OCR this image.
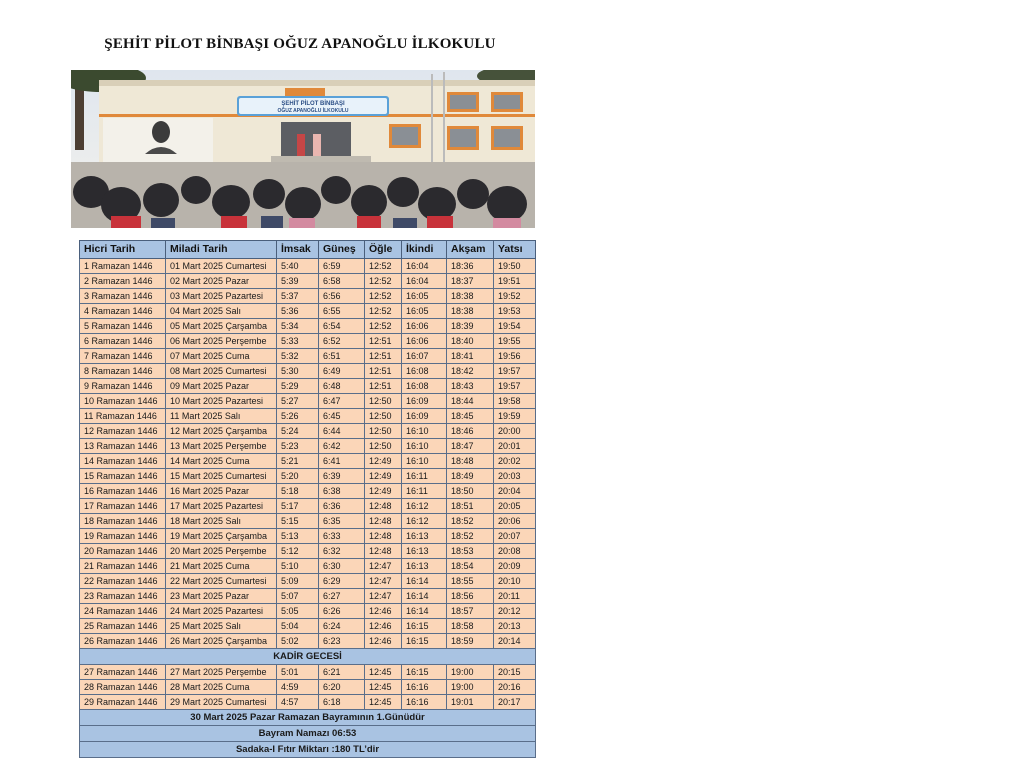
ŞEHİT PİLOT BİNBAŞI OĞUZ APANOĞLU İLKOKULU
ŞEHİT PİLOT BİNBAŞI
OĞUZ APANOĞLU İLKOKULU
Hicri Tarih	Miladi Tarih	İmsak	Güneş	Öğle	İkindi	Akşam	Yatsı
1 Ramazan 1446	01 Mart 2025 Cumartesi	5:40	6:59	12:52	16:04	18:36	19:50
2 Ramazan 1446	02 Mart 2025 Pazar	5:39	6:58	12:52	16:04	18:37	19:51
3 Ramazan 1446	03 Mart 2025 Pazartesi	5:37	6:56	12:52	16:05	18:38	19:52
4 Ramazan 1446	04 Mart 2025 Salı	5:36	6:55	12:52	16:05	18:38	19:53
5 Ramazan 1446	05 Mart 2025 Çarşamba	5:34	6:54	12:52	16:06	18:39	19:54
6 Ramazan 1446	06 Mart 2025 Perşembe	5:33	6:52	12:51	16:06	18:40	19:55
7 Ramazan 1446	07 Mart 2025 Cuma	5:32	6:51	12:51	16:07	18:41	19:56
8 Ramazan 1446	08 Mart 2025 Cumartesi	5:30	6:49	12:51	16:08	18:42	19:57
9 Ramazan 1446	09 Mart 2025 Pazar	5:29	6:48	12:51	16:08	18:43	19:57
10 Ramazan 1446	10 Mart 2025 Pazartesi	5:27	6:47	12:50	16:09	18:44	19:58
11 Ramazan 1446	11 Mart 2025 Salı	5:26	6:45	12:50	16:09	18:45	19:59
12 Ramazan 1446	12 Mart 2025 Çarşamba	5:24	6:44	12:50	16:10	18:46	20:00
13 Ramazan 1446	13 Mart 2025 Perşembe	5:23	6:42	12:50	16:10	18:47	20:01
14 Ramazan 1446	14 Mart 2025 Cuma	5:21	6:41	12:49	16:10	18:48	20:02
15 Ramazan 1446	15 Mart 2025 Cumartesi	5:20	6:39	12:49	16:11	18:49	20:03
16 Ramazan 1446	16 Mart 2025 Pazar	5:18	6:38	12:49	16:11	18:50	20:04
17 Ramazan 1446	17 Mart 2025 Pazartesi	5:17	6:36	12:48	16:12	18:51	20:05
18 Ramazan 1446	18 Mart 2025 Salı	5:15	6:35	12:48	16:12	18:52	20:06
19 Ramazan 1446	19 Mart 2025 Çarşamba	5:13	6:33	12:48	16:13	18:52	20:07
20 Ramazan 1446	20 Mart 2025 Perşembe	5:12	6:32	12:48	16:13	18:53	20:08
21 Ramazan 1446	21 Mart 2025 Cuma	5:10	6:30	12:47	16:13	18:54	20:09
22 Ramazan 1446	22 Mart 2025 Cumartesi	5:09	6:29	12:47	16:14	18:55	20:10
23 Ramazan 1446	23 Mart 2025 Pazar	5:07	6:27	12:47	16:14	18:56	20:11
24 Ramazan 1446	24 Mart 2025 Pazartesi	5:05	6:26	12:46	16:14	18:57	20:12
25 Ramazan 1446	25 Mart 2025 Salı	5:04	6:24	12:46	16:15	18:58	20:13
26 Ramazan 1446	26 Mart 2025 Çarşamba	5:02	6:23	12:46	16:15	18:59	20:14
KADİR GECESİ							
27 Ramazan 1446	27 Mart 2025 Perşembe	5:01	6:21	12:45	16:15	19:00	20:15
28 Ramazan 1446	28 Mart 2025 Cuma	4:59	6:20	12:45	16:16	19:00	20:16
29 Ramazan 1446	29 Mart 2025 Cumartesi	4:57	6:18	12:45	16:16	19:01	20:17
30 Mart 2025 Pazar Ramazan Bayramının 1.Günüdür							
Bayram Namazı 06:53							
Sadaka-I Fıtır Miktarı :180 TL’dir							
